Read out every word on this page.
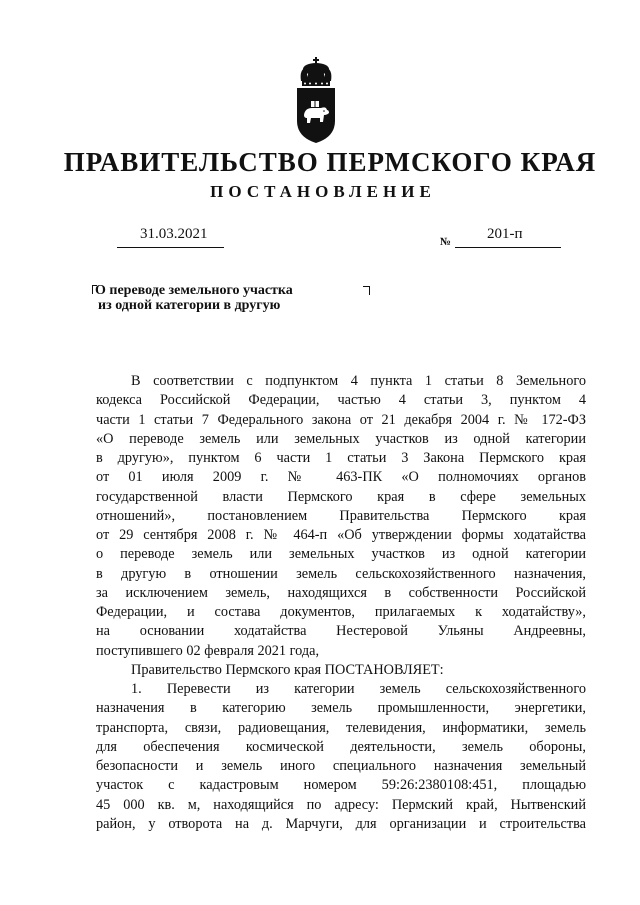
ПРАВИТЕЛЬСТВО ПЕРМСКОГО КРАЯ
ПОСТАНОВЛЕНИЕ
31.03.2021	№ 201-п
О переводе земельного участка
из одной категории в другую
В соответствии с подпунктом 4 пункта 1 статьи 8 Земельного
кодекса Российской Федерации, частью 4 статьи 3, пунктом 4
части 1 статьи 7 Федерального закона от 21 декабря 2004 г. № 172-ФЗ
«О переводе земель или земельных участков из одной категории
в другую», пунктом 6 части 1 статьи 3 Закона Пермского края
от 01 июля 2009 г. № 463-ПК «О полномочиях органов
государственной власти Пермского края в сфере земельных
отношений», постановлением Правительства Пермского края
от 29 сентября 2008 г. № 464-п «Об утверждении формы ходатайства
о переводе земель или земельных участков из одной категории
в другую в отношении земель сельскохозяйственного назначения,
за исключением земель, находящихся в собственности Российской
Федерации, и состава документов, прилагаемых к ходатайству»,
на основании ходатайства Нестеровой Ульяны Андреевны,
поступившего 02 февраля 2021 года,
Правительство Пермского края ПОСТАНОВЛЯЕТ:
1. Перевести из категории земель сельскохозяйственного
назначения в категорию земель промышленности, энергетики,
транспорта, связи, радиовещания, телевидения, информатики, земель
для обеспечения космической деятельности, земель обороны,
безопасности и земель иного специального назначения земельный
участок с кадастровым номером 59:26:2380108:451, площадью
45 000 кв. м, находящийся по адресу: Пермский край, Нытвенский
район, у отворота на д. Марчуги, для организации и строительства
